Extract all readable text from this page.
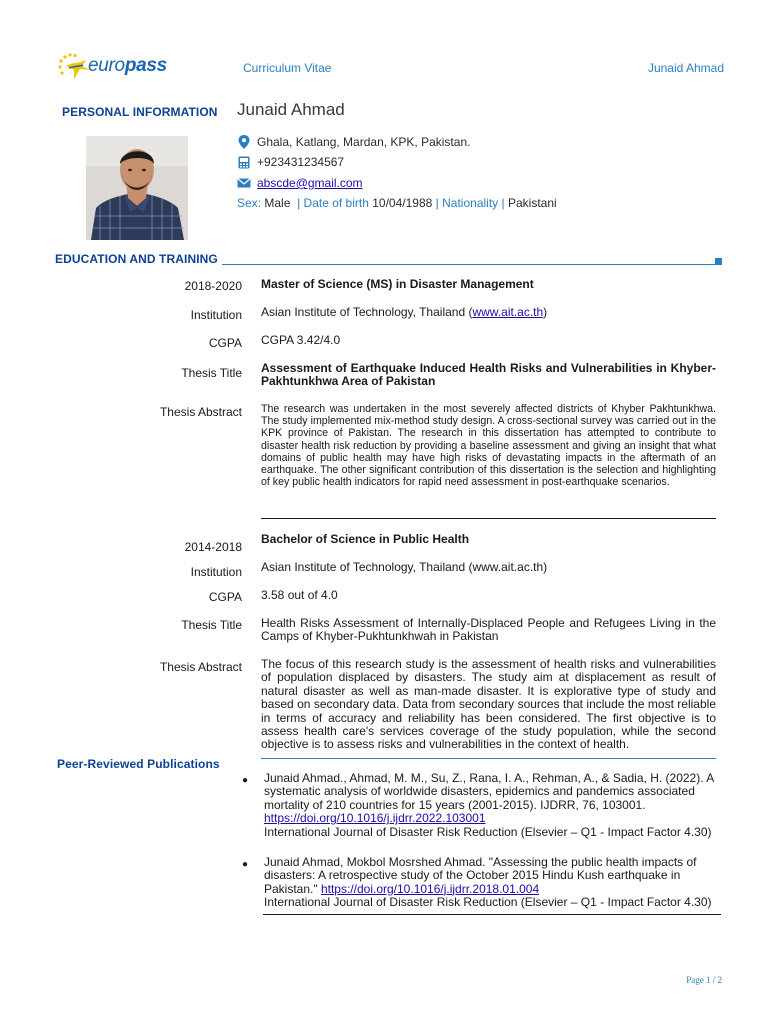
europass	Curriculum Vitae	Junaid Ahmad
PERSONAL INFORMATION Junaid Ahmad
Ghala, Katlang, Mardan, KPK, Pakistan.
+923431234567
abscde@gmail.com
Sex: Male  | Date of birth 10/04/1988 | Nationality | Pakistani
EDUCATION AND TRAINING
2018-2020 Master of Science (MS) in Disaster Management
Institution Asian Institute of Technology, Thailand (www.ait.ac.th)
CGPA CGPA 3.42/4.0
Thesis Title Assessment of Earthquake Induced Health Risks and Vulnerabilities in Khyber-Pakhtunkhwa Area of Pakistan
Thesis Abstract The research was undertaken in the most severely affected districts of Khyber Pakhtunkhwa. The study implemented mix-method study design. A cross-sectional survey was carried out in the KPK province of Pakistan. The research in this dissertation has attempted to contribute to disaster health risk reduction by providing a baseline assessment and giving an insight that what domains of public health may have high risks of devastating impacts in the aftermath of an earthquake. The other significant contribution of this dissertation is the selection and highlighting of key public health indicators for rapid need assessment in post-earthquake scenarios.
2014-2018
Bachelor of Science in Public Health
Institution Asian Institute of Technology, Thailand (www.ait.ac.th)
CGPA 3.58 out of 4.0
Thesis Title Health Risks Assessment of Internally-Displaced People and Refugees Living in the Camps of Khyber-Pukhtunkhwah in Pakistan
Thesis Abstract The focus of this research study is the assessment of health risks and vulnerabilities of population displaced by disasters. The study aim at displacement as result of natural disaster as well as man-made disaster. It is explorative type of study and based on secondary data. Data from secondary sources that include the most reliable in terms of accuracy and reliability has been considered. The first objective is to assess health care's services coverage of the study population, while the second objective is to assess risks and vulnerabilities in the context of health.
Peer-Reviewed Publications
● Junaid Ahmad., Ahmad, M. M., Su, Z., Rana, I. A., Rehman, A., & Sadia, H. (2022). A systematic analysis of worldwide disasters, epidemics and pandemics associated mortality of 210 countries for 15 years (2001-2015). IJDRR, 76, 103001.
https://doi.org/10.1016/j.ijdrr.2022.103001
International Journal of Disaster Risk Reduction (Elsevier – Q1 - Impact Factor 4.30)
● Junaid Ahmad, Mokbol Mosrshed Ahmad. "Assessing the public health impacts of disasters: A retrospective study of the October 2015 Hindu Kush earthquake in Pakistan." https://doi.org/10.1016/j.ijdrr.2018.01.004
International Journal of Disaster Risk Reduction (Elsevier – Q1 - Impact Factor 4.30)
Page 1 / 2
